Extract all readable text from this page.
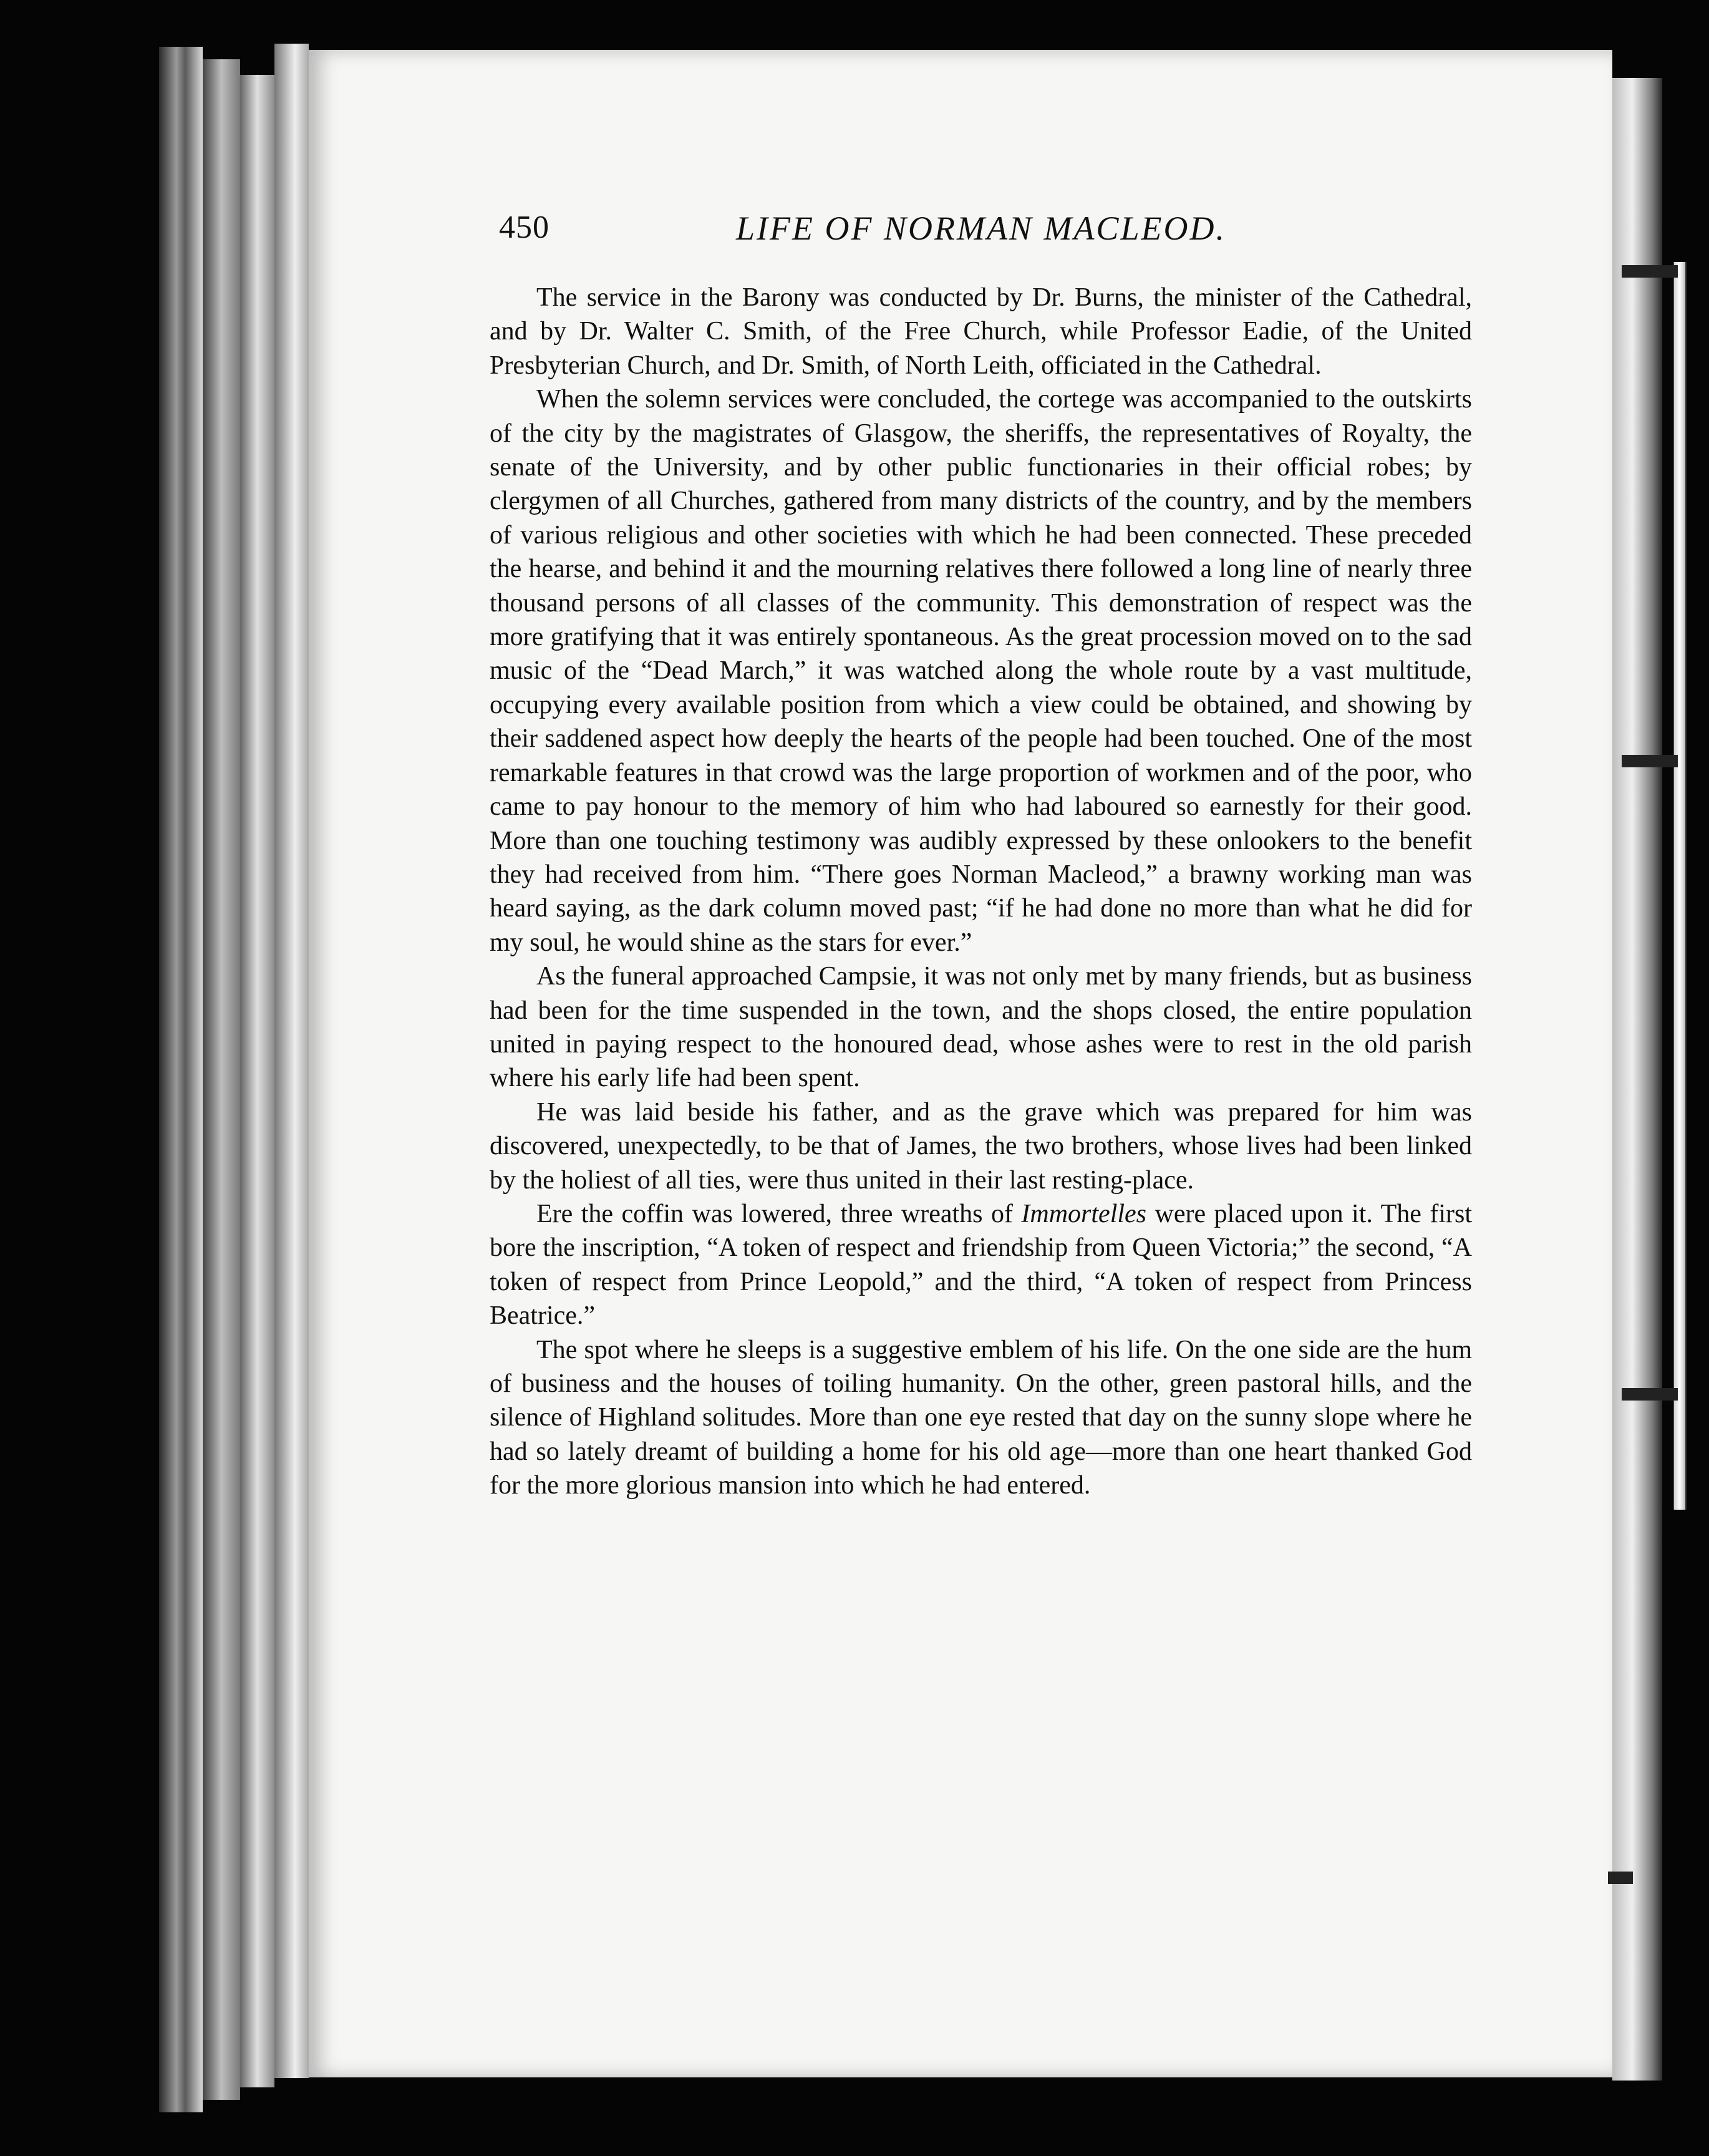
450	LIFE OF NORMAN MACLEOD.

The service in the Barony was conducted by Dr. Burns, the minister of the Cathedral, and by Dr. Walter C. Smith, of the Free Church, while Professor Eadie, of the United Presbyterian Church, and Dr. Smith, of North Leith, officiated in the Cathedral.

When the solemn services were concluded, the cortege was accompanied to the outskirts of the city by the magistrates of Glasgow, the sheriffs, the representatives of Royalty, the senate of the University, and by other public functionaries in their official robes; by clergymen of all Churches, gathered from many districts of the country, and by the members of various religious and other societies with which he had been connected. These preceded the hearse, and behind it and the mourning relatives there followed a long line of nearly three thousand persons of all classes of the community. This demonstration of respect was the more gratifying that it was entirely spontaneous. As the great procession moved on to the sad music of the “Dead March,” it was watched along the whole route by a vast multitude, occupying every available position from which a view could be obtained, and showing by their saddened aspect how deeply the hearts of the people had been touched. One of the most remarkable features in that crowd was the large proportion of workmen and of the poor, who came to pay honour to the memory of him who had laboured so earnestly for their good. More than one touching testimony was audibly expressed by these onlookers to the benefit they had received from him. “There goes Norman Macleod,” a brawny working man was heard saying, as the dark column moved past; “if he had done no more than what he did for my soul, he would shine as the stars for ever.”

As the funeral approached Campsie, it was not only met by many friends, but as business had been for the time suspended in the town, and the shops closed, the entire population united in paying respect to the honoured dead, whose ashes were to rest in the old parish where his early life had been spent.

He was laid beside his father, and as the grave which was prepared for him was discovered, unexpectedly, to be that of James, the two brothers, whose lives had been linked by the holiest of all ties, were thus united in their last resting-place.

Ere the coffin was lowered, three wreaths of Immortelles were placed upon it. The first bore the inscription, “A token of respect and friendship from Queen Victoria;” the second, “A token of respect from Prince Leopold,” and the third, “A token of respect from Princess Beatrice.”

The spot where he sleeps is a suggestive emblem of his life. On the one side are the hum of business and the houses of toiling humanity. On the other, green pastoral hills, and the silence of Highland solitudes. More than one eye rested that day on the sunny slope where he had so lately dreamt of building a home for his old age—more than one heart thanked God for the more glorious mansion into which he had entered.
